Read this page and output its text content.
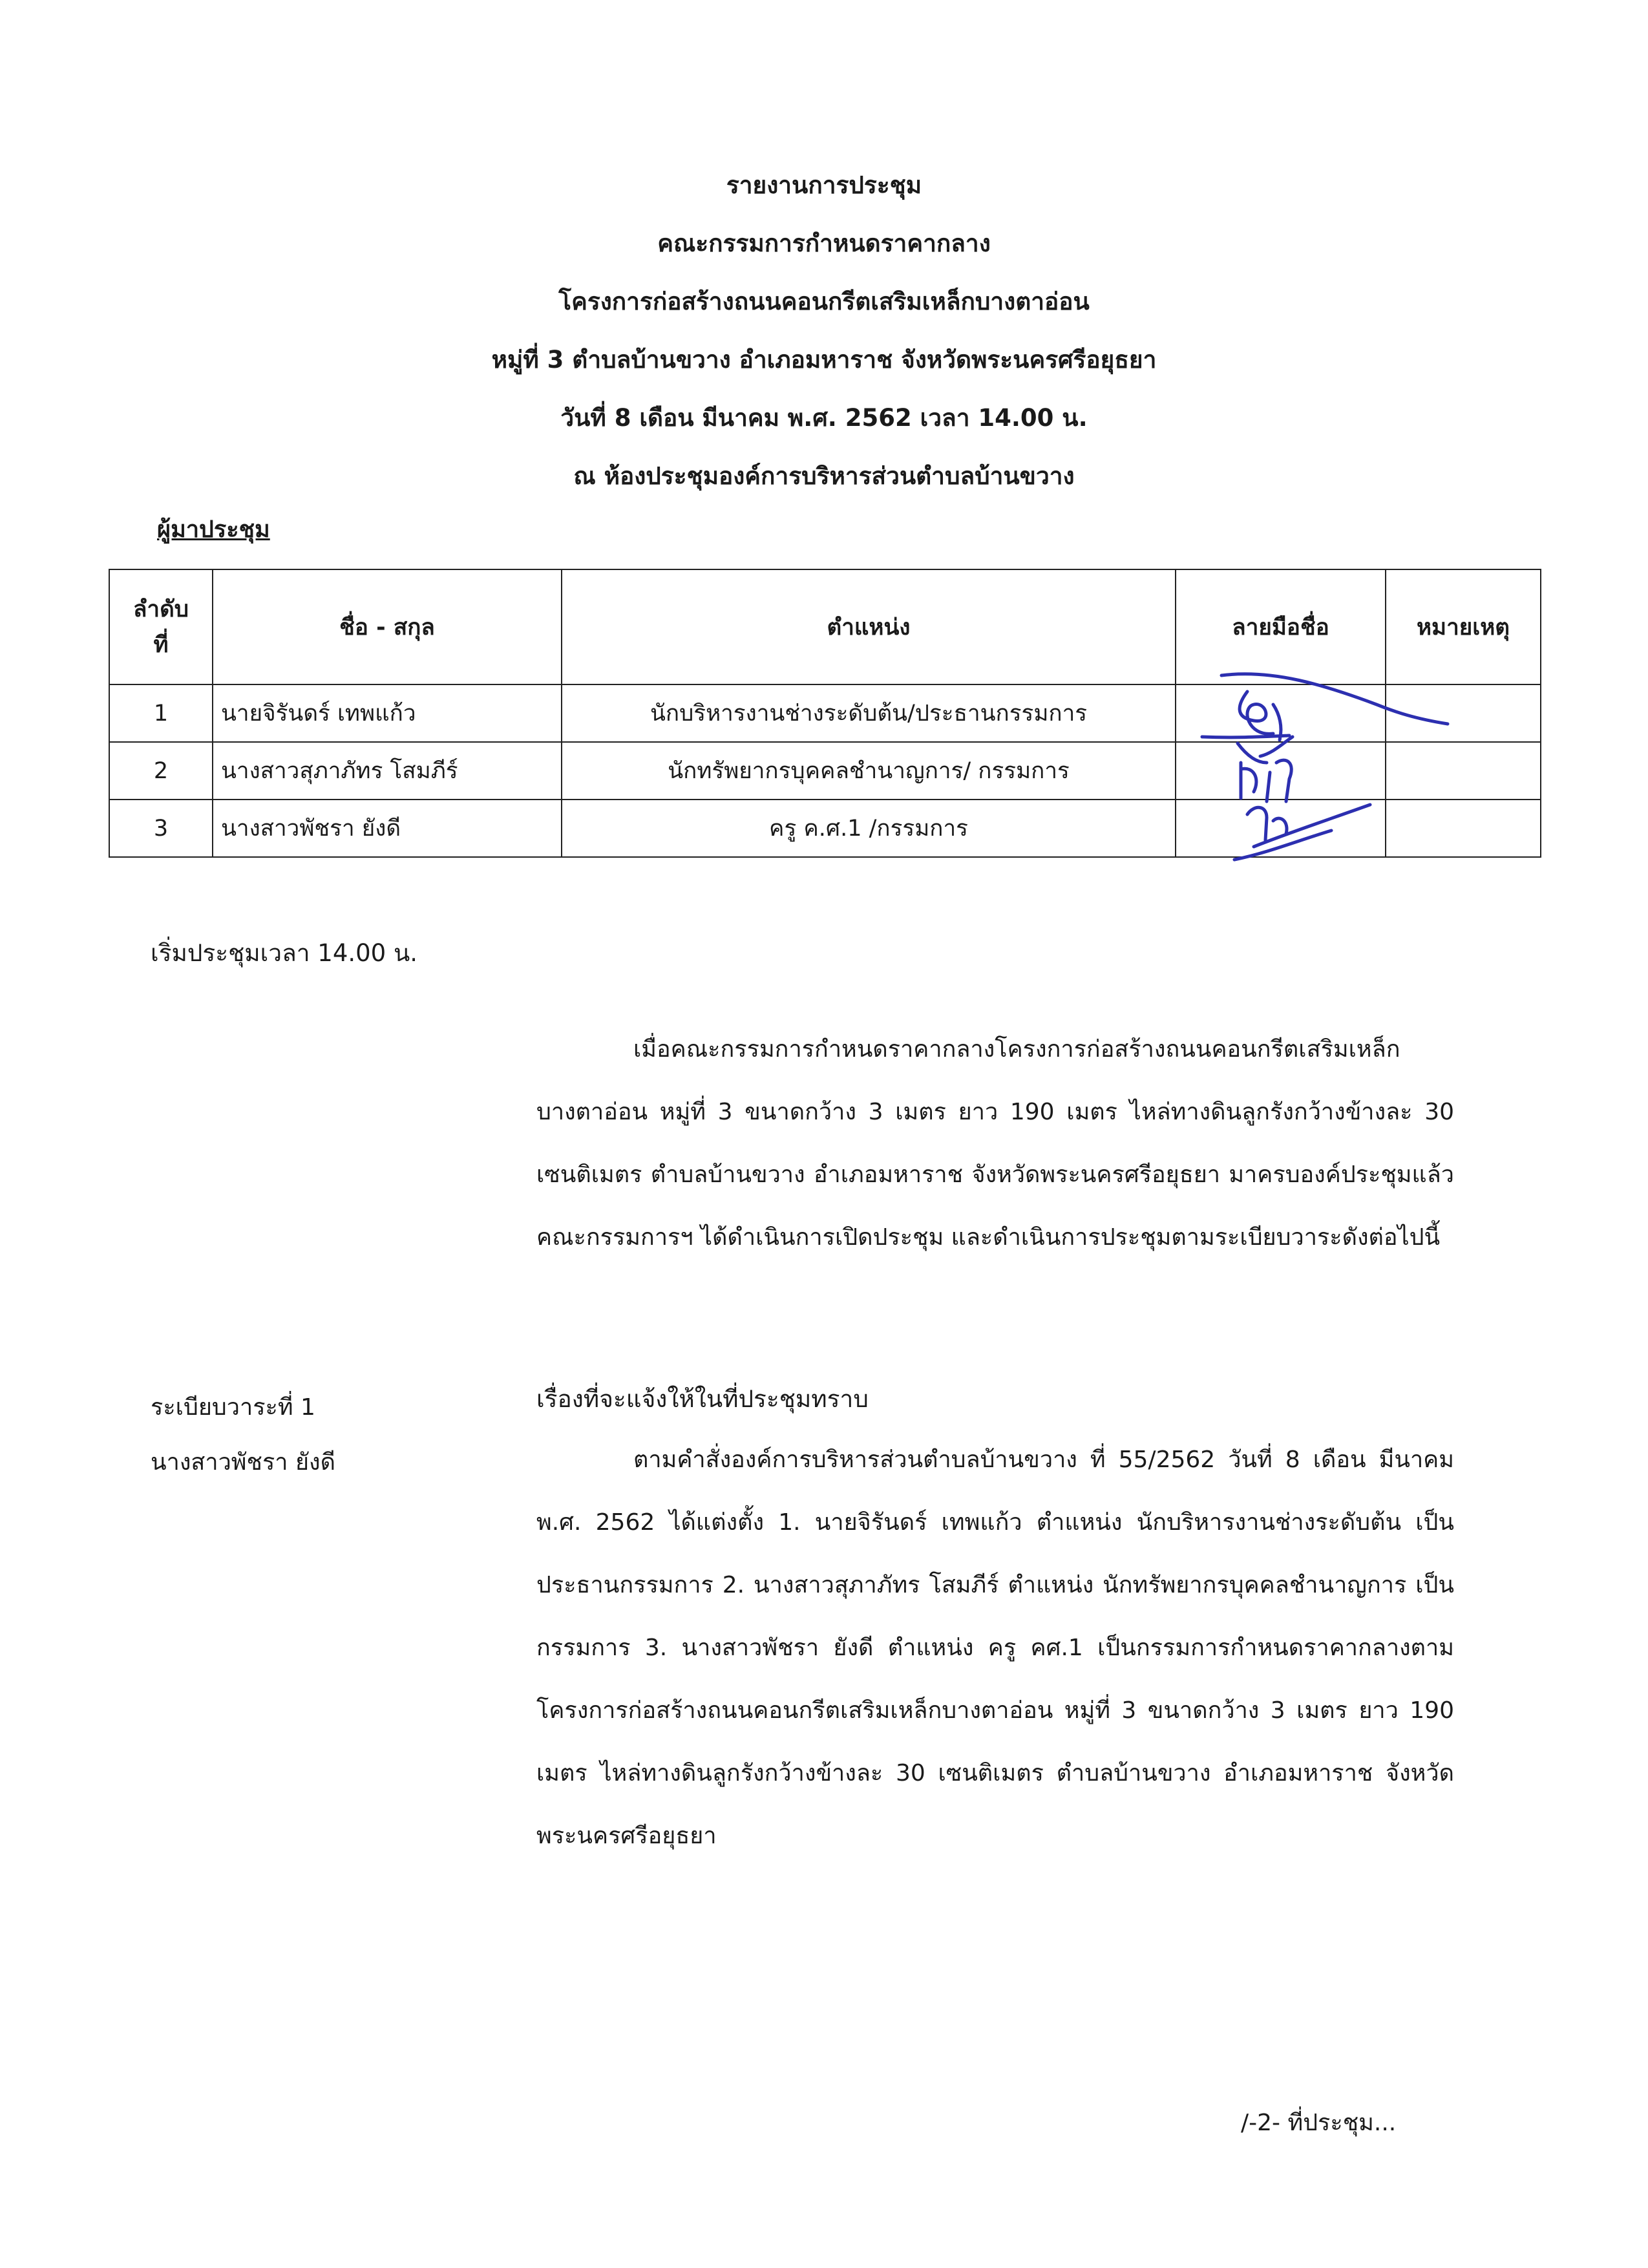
รายงานการประชุม
คณะกรรมการกำหนดราคากลาง
โครงการก่อสร้างถนนคอนกรีตเสริมเหล็กบางตาอ่อน
หมู่ที่ 3 ตำบลบ้านขวาง อำเภอมหาราช จังหวัดพระนครศรีอยุธยา
วันที่ 8 เดือน มีนาคม พ.ศ. 2562 เวลา 14.00 น.
ณ ห้องประชุมองค์การบริหารส่วนตำบลบ้านขวาง
ผู้มาประชุม
ลำดับ
ที่	ชื่อ - สกุล	ตำแหน่ง	ลายมือชื่อ	หมายเหตุ
1	นายจิรันดร์ เทพแก้ว	นักบริหารงานช่างระดับต้น/ประธานกรรมการ		
2	นางสาวสุภาภัทร โสมภีร์	นักทรัพยากรบุคคลชำนาญการ/ กรรมการ		
3	นางสาวพัชรา ยังดี	ครู ค.ศ.1 /กรรมการ		
เริ่มประชุมเวลา 14.00 น.
เมื่อคณะกรรมการกำหนดราคากลางโครงการก่อสร้างถนนคอนกรีตเสริมเหล็กบางตาอ่อน หมู่ที่ 3 ขนาดกว้าง 3 เมตร ยาว 190 เมตร ไหล่ทางดินลูกรังกว้างข้างละ 30 เซนติเมตร ตำบลบ้านขวาง อำเภอมหาราช จังหวัดพระนครศรีอยุธยา มาครบองค์ประชุมแล้ว คณะกรรมการฯ ได้ดำเนินการเปิดประชุม และดำเนินการประชุมตามระเบียบวาระดังต่อไปนี้
ระเบียบวาระที่ 1
นางสาวพัชรา ยังดี
เรื่องที่จะแจ้งให้ในที่ประชุมทราบ
ตามคำสั่งองค์การบริหารส่วนตำบลบ้านขวาง ที่ 55/2562 วันที่ 8 เดือน มีนาคม พ.ศ. 2562 ได้แต่งตั้ง 1. นายจิรันดร์ เทพแก้ว ตำแหน่ง นักบริหารงานช่างระดับต้น เป็นประธานกรรมการ 2. นางสาวสุภาภัทร โสมภีร์ ตำแหน่ง นักทรัพยากรบุคคลชำนาญการ เป็นกรรมการ 3. นางสาวพัชรา ยังดี ตำแหน่ง ครู คศ.1 เป็นกรรมการกำหนดราคากลางตามโครงการก่อสร้างถนนคอนกรีตเสริมเหล็กบางตาอ่อน หมู่ที่ 3 ขนาดกว้าง 3 เมตร ยาว 190 เมตร ไหล่ทางดินลูกรังกว้างข้างละ 30 เซนติเมตร ตำบลบ้านขวาง อำเภอมหาราช จังหวัดพระนครศรีอยุธยา
/-2- ที่ประชุม...
